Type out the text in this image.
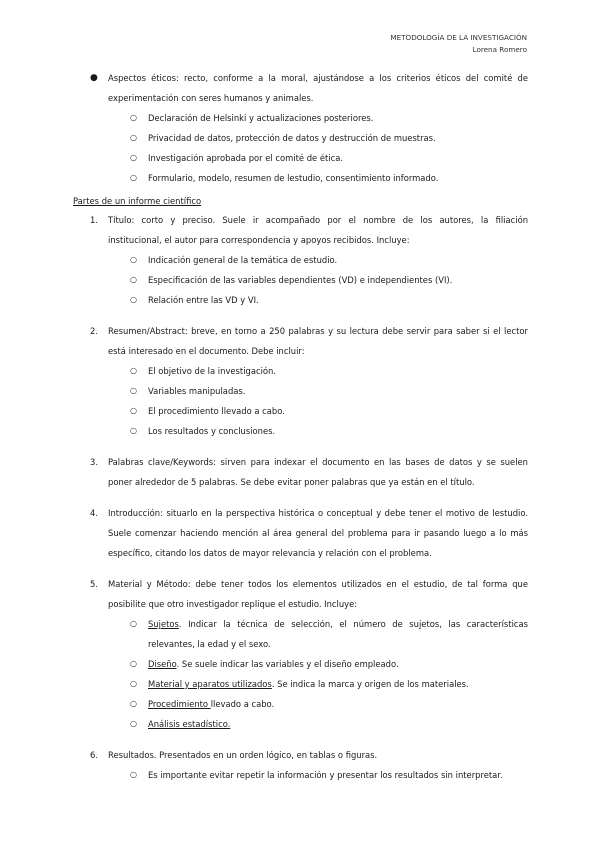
METODOLOGÍA DE LA INVESTIGACIÓN
Lorena Romero
● Aspectos éticos: recto, conforme a la moral, ajustándose a los criterios éticos del comité de
experimentación con seres humanos y animales.
○ Declaración de Helsinki y actualizaciones posteriores.
○ Privacidad de datos, protección de datos y destrucción de muestras.
○ Investigación aprobada por el comité de ética.
○ Formulario, modelo, resumen de lestudio, consentimiento informado.
Partes de un informe científico
1. Título: corto y preciso. Suele ir acompañado por el nombre de los autores, la filiación
institucional, el autor para correspondencia y apoyos recibidos. Incluye:
○ Indicación general de la temática de estudio.
○ Especificación de las variables dependientes (VD) e independientes (VI).
○ Relación entre las VD y VI.
2. Resumen/Abstract: breve, en torno a 250 palabras y su lectura debe servir para saber si el lector
está interesado en el documento. Debe incluir:
○ El objetivo de la investigación.
○ Variables manipuladas.
○ El procedimiento llevado a cabo.
○ Los resultados y conclusiones.
3. Palabras clave/Keywords: sirven para indexar el documento en las bases de datos y se suelen
poner alrededor de 5 palabras. Se debe evitar poner palabras que ya están en el título.
4. Introducción: situarlo en la perspectiva histórica o conceptual y debe tener el motivo de lestudio.
Suele comenzar haciendo mención al área general del problema para ir pasando luego a lo más
específico, citando los datos de mayor relevancia y relación con el problema.
5. Material y Método: debe tener todos los elementos utilizados en el estudio, de tal forma que
posibilite que otro investigador replique el estudio. Incluye:
○ Sujetos. Indicar la técnica de selección, el número de sujetos, las características
relevantes, la edad y el sexo.
○ Diseño. Se suele indicar las variables y el diseño empleado.
○ Material y aparatos utilizados. Se indica la marca y origen de los materiales.
○ Procedimiento llevado a cabo.
○ Análisis estadístico.
6. Resultados. Presentados en un orden lógico, en tablas o figuras.
○ Es importante evitar repetir la información y presentar los resultados sin interpretar.
